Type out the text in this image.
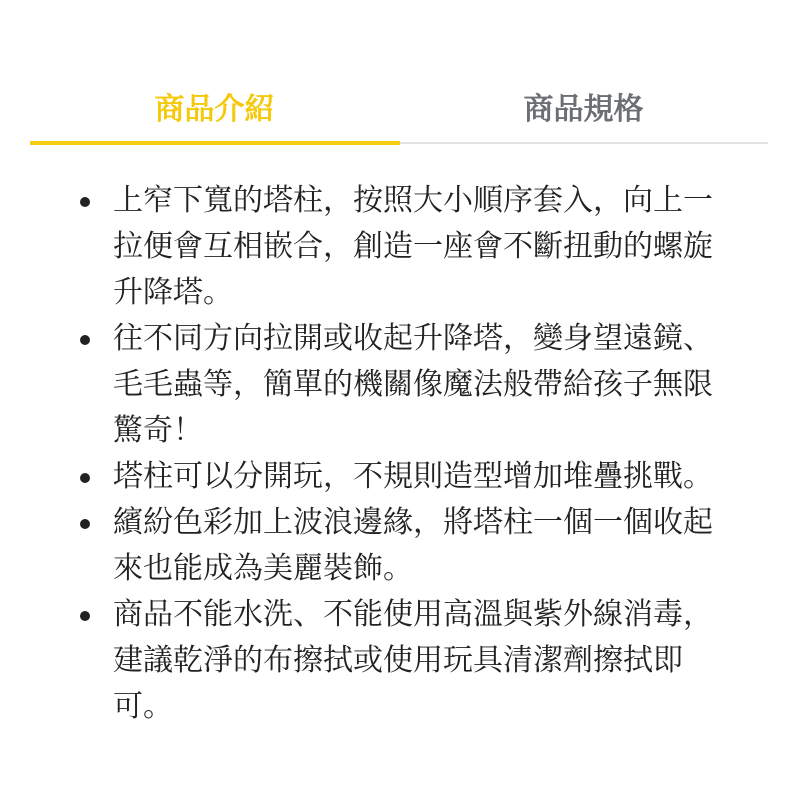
商品介紹	商品規格
上窄下寬的塔柱，按照大小順序套入，向上一
拉便會互相嵌合，創造一座會不斷扭動的螺旋
升降塔。
往不同方向拉開或收起升降塔，變身望遠鏡、
毛毛蟲等，簡單的機關像魔法般帶給孩子無限
驚奇！
塔柱可以分開玩，不規則造型增加堆疊挑戰。
繽紛色彩加上波浪邊緣，將塔柱一個一個收起
來也能成為美麗裝飾。
商品不能水洗、不能使用高溫與紫外線消毒，
建議乾淨的布擦拭或使用玩具清潔劑擦拭即
可。
